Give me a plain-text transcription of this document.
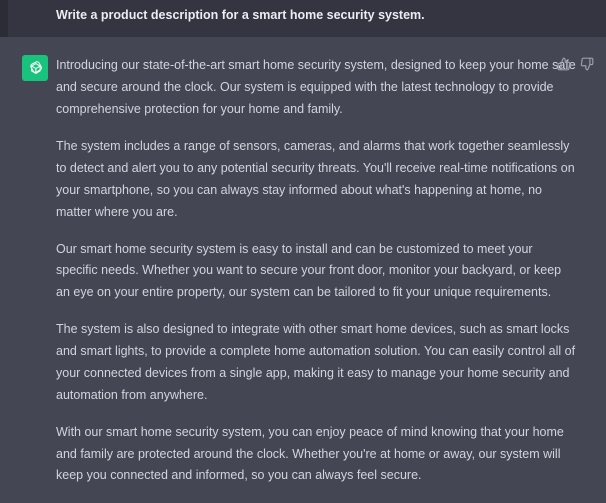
Write a product description for a smart home security system.

Introducing our state-of-the-art smart home security system, designed to keep your home safe and secure around the clock. Our system is equipped with the latest technology to provide comprehensive protection for your home and family.

The system includes a range of sensors, cameras, and alarms that work together seamlessly to detect and alert you to any potential security threats. You'll receive real-time notifications on your smartphone, so you can always stay informed about what's happening at home, no matter where you are.

Our smart home security system is easy to install and can be customized to meet your specific needs. Whether you want to secure your front door, monitor your backyard, or keep an eye on your entire property, our system can be tailored to fit your unique requirements.

The system is also designed to integrate with other smart home devices, such as smart locks and smart lights, to provide a complete home automation solution. You can easily control all of your connected devices from a single app, making it easy to manage your home security and automation from anywhere.

With our smart home security system, you can enjoy peace of mind knowing that your home and family are protected around the clock. Whether you're at home or away, our system will keep you connected and informed, so you can always feel secure.
